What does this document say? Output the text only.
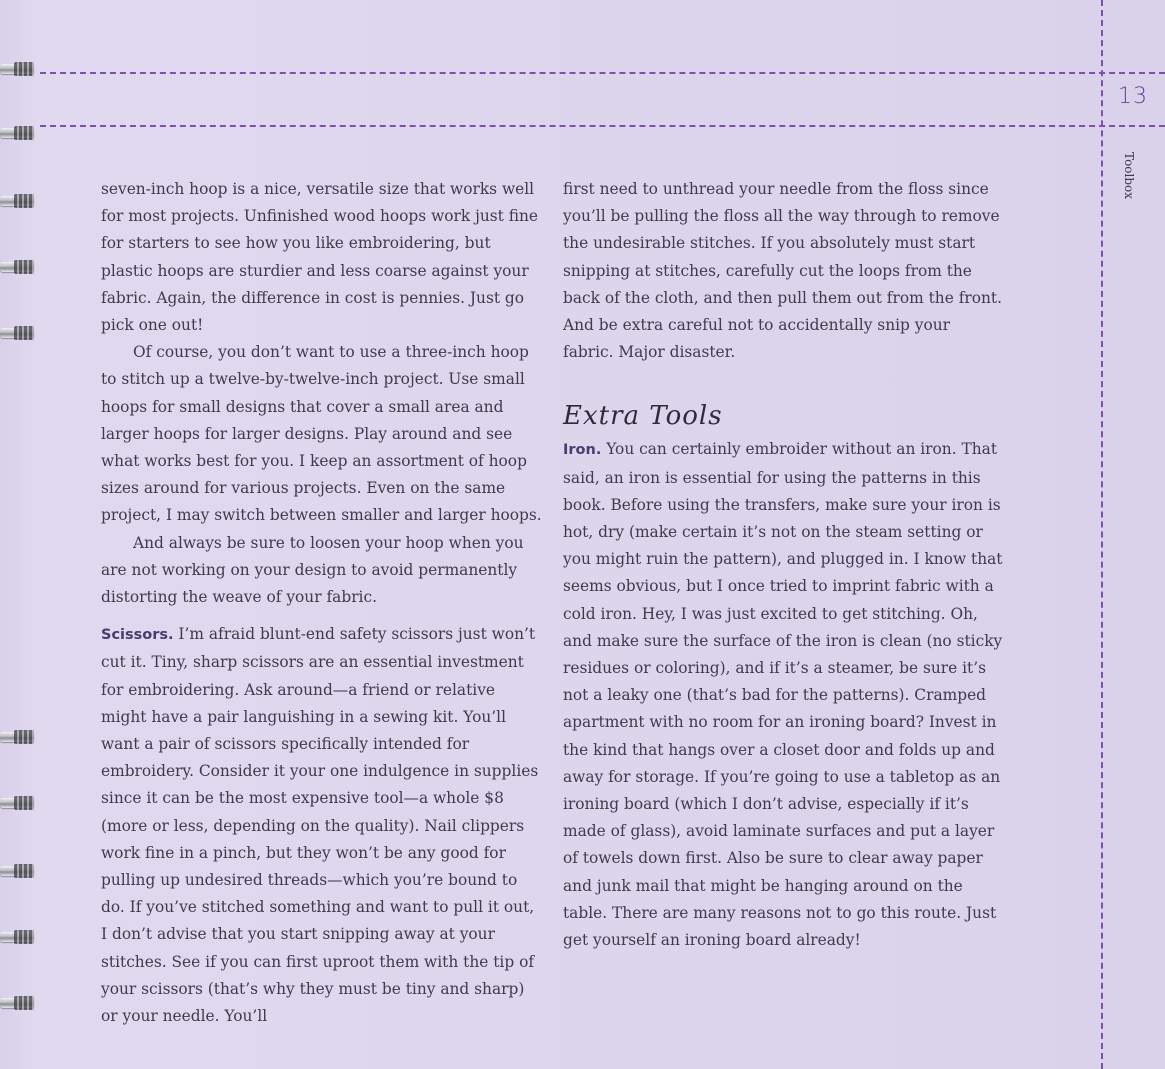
13
Toolbox

seven-inch hoop is a nice, versatile size that works well for most projects. Unfinished wood hoops work just fine for starters to see how you like embroidering, but plastic hoops are sturdier and less coarse against your fabric. Again, the difference in cost is pennies. Just go pick one out!

Of course, you don’t want to use a three-inch hoop to stitch up a twelve-by-twelve-inch project. Use small hoops for small designs that cover a small area and larger hoops for larger designs. Play around and see what works best for you. I keep an assortment of hoop sizes around for various projects. Even on the same project, I may switch between smaller and larger hoops.

And always be sure to loosen your hoop when you are not working on your design to avoid permanently distorting the weave of your fabric.

Scissors. I’m afraid blunt-end safety scissors just won’t cut it. Tiny, sharp scissors are an essential investment for embroidering. Ask around—a friend or relative might have a pair languishing in a sewing kit. You’ll want a pair of scissors specifically intended for embroidery. Consider it your one indulgence in supplies since it can be the most expensive tool—a whole $8 (more or less, depending on the quality). Nail clippers work fine in a pinch, but they won’t be any good for pulling up undesired threads—which you’re bound to do. If you’ve stitched something and want to pull it out, I don’t advise that you start snipping away at your stitches. See if you can first uproot them with the tip of your scissors (that’s why they must be tiny and sharp) or your needle. You’ll

first need to unthread your needle from the floss since you’ll be pulling the floss all the way through to remove the undesirable stitches. If you absolutely must start snipping at stitches, carefully cut the loops from the back of the cloth, and then pull them out from the front. And be extra careful not to accidentally snip your fabric. Major disaster.

Extra Tools

Iron. You can certainly embroider without an iron. That said, an iron is essential for using the patterns in this book. Before using the transfers, make sure your iron is hot, dry (make certain it’s not on the steam setting or you might ruin the pattern), and plugged in. I know that seems obvious, but I once tried to imprint fabric with a cold iron. Hey, I was just excited to get stitching. Oh, and make sure the surface of the iron is clean (no sticky residues or coloring), and if it’s a steamer, be sure it’s not a leaky one (that’s bad for the patterns). Cramped apartment with no room for an ironing board? Invest in the kind that hangs over a closet door and folds up and away for storage. If you’re going to use a tabletop as an ironing board (which I don’t advise, especially if it’s made of glass), avoid laminate surfaces and put a layer of towels down first. Also be sure to clear away paper and junk mail that might be hanging around on the table. There are many reasons not to go this route. Just get yourself an ironing board already!
